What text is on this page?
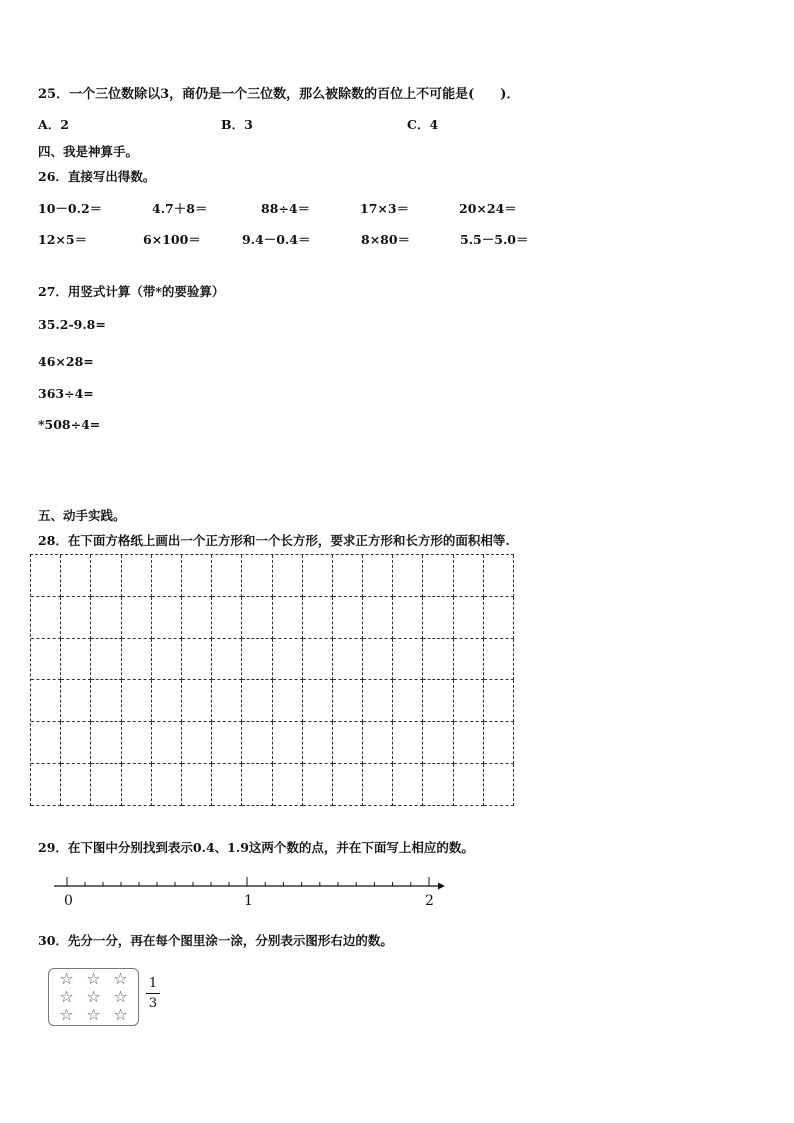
25．一个三位数除以3，商仍是一个三位数，那么被除数的百位上不可能是(　　)．
A．2	B．3	C．4
四、我是神算手。
26．直接写出得数。
10－0.2＝	4.7＋8＝	88÷4＝	17×3＝	20×24＝
12×5＝	6×100＝	9.4－0.4＝	8×80＝	5.5－5.0＝
27．用竖式计算（带*的要验算）
35.2-9.8=
46×28=
363÷4=
*508÷4=
五、动手实践。
28．在下面方格纸上画出一个正方形和一个长方形，要求正方形和长方形的面积相等.
29．在下图中分别找到表示0.4、1.9这两个数的点，并在下面写上相应的数。
0	1	2
30．先分一分，再在每个图里涂一涂，分别表示图形右边的数。
☆ ☆ ☆
☆ ☆ ☆
☆ ☆ ☆
1
3
